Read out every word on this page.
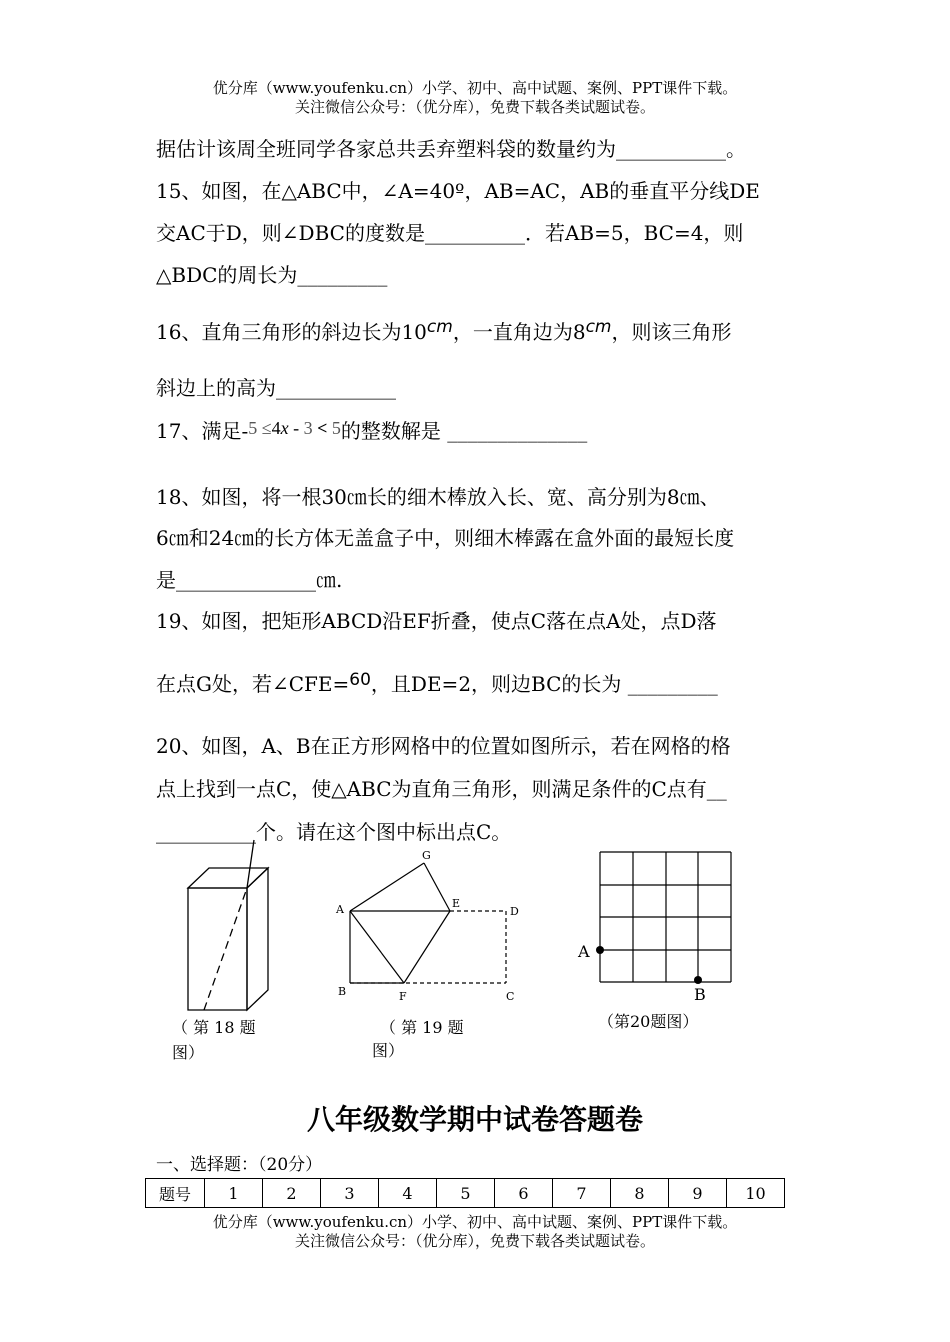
优分库（www.youfenku.cn）小学、初中、高中试题、案例、PPT课件下载。
关注微信公众号：（优分库），免费下载各类试题试卷。
据估计该周全班同学各家总共丢弃塑料袋的数量约为___________。
15、如图，在△ABC中，∠A=40º，AB=AC，AB的垂直平分线DE
交AC于D，则∠DBC的度数是__________．若AB=5，BC=4，则
△BDC的周长为_________
16、直角三角形的斜边长为$10^{cm}$，一直角边为$8^{cm}$，则该三角形
斜边上的高为____________
17、满足-5 ≤4x - 3 < 5的整数解是 ______________
18、如图，将一根30㎝长的细木棒放入长、宽、高分别为8㎝、
6㎝和24㎝的长方体无盖盒子中，则细木棒露在盒外面的最短长度
是______________㎝.
19、如图，把矩形ABCD沿EF折叠，使点C落在点A处，点D落
在点G处，若∠CFE=$^{60}$，且DE=2，则边BC的长为 _________
20、如图，A、B在正方形网格中的位置如图所示，若在网格的格
点上找到一点C，使△ABC为直角三角形，则满足条件的C点有__
__________个。请在这个图中标出点C。
（ 第 18 题
图）
A
B	C
D
E
F
G
（ 第 19 题
图）
A
B
（第20题图）
八年级数学期中试卷答题卷
一、选择题：（20分）
题号	1	2	3	4	5	6	7	8	9	10
优分库（www.youfenku.cn）小学、初中、高中试题、案例、PPT课件下载。
关注微信公众号：（优分库），免费下载各类试题试卷。
